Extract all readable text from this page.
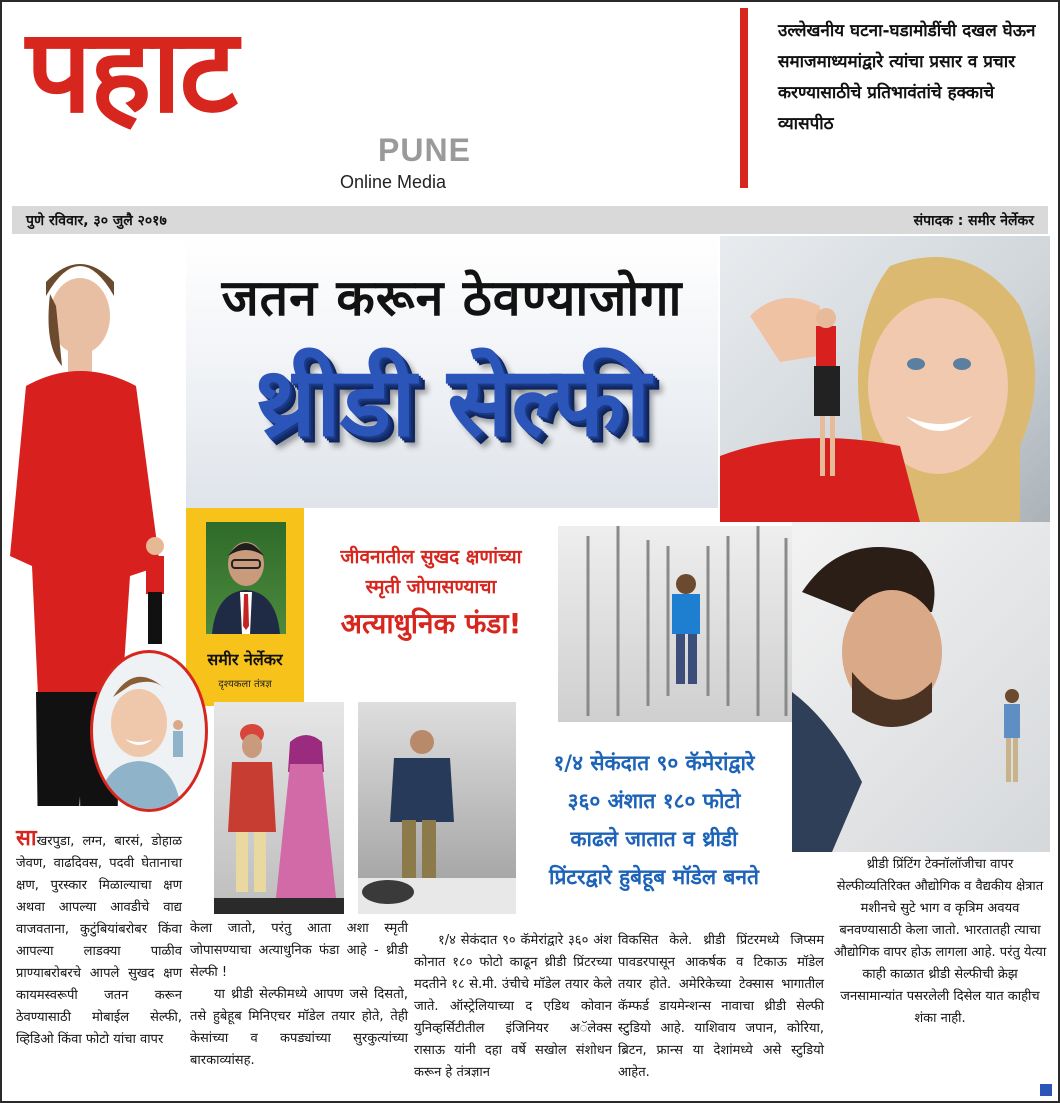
पहाट
PUNE
Online Media
उल्लेखनीय घटना-घडामोडींची दखल घेऊन समाजमाध्यमांद्वारे त्यांचा प्रसार व प्रचार करण्यासाठीचे प्रतिभावंतांचे हक्काचे व्यासपीठ
पुणे रविवार, ३० जुलै २०१७	संपादक : समीर नेर्लेकर
जतन करून ठेवण्याजोगा
थ्रीडी सेल्फी
समीर नेर्लेकर
दृश्यकला तंत्रज्ञ
जीवनातील सुखद क्षणांच्या
स्मृती जोपासण्याचा
अत्याधुनिक फंडा!
१/४ सेकंदात ९० कॅमेरांद्वारे
३६० अंशात १८० फोटो
काढले जातात व थ्रीडी
प्रिंटरद्वारे हुबेहूब मॉडेल बनते
साखरपुडा, लग्न, बारसं, डोहाळ जेवण, वाढदिवस, पदवी घेतानाचा क्षण, पुरस्कार मिळाल्याचा क्षण अथवा आपल्या आवडीचे वाद्य वाजवताना, कुटुंबियांबरोबर किंवा आपल्या लाडक्या पाळीव प्राण्याबरोबरचे आपले सुखद क्षण कायमस्वरूपी जतन करून ठेवण्यासाठी मोबाईल सेल्फी, व्हिडिओ किंवा फोटो यांचा वापर

केला जातो, परंतु आता अशा स्मृती जोपासण्याचा अत्याधुनिक फंडा आहे - थ्रीडी सेल्फी !

या थ्रीडी सेल्फीमध्ये आपण जसे दिसतो, तसे हुबेहूब मिनिएचर मॉडेल तयार होते, तेही केसांच्या व कपड्यांच्या सुरकुत्यांच्या बारकाव्यांसह.

१/४ सेकंदात ९० कॅमेरांद्वारे ३६० अंश कोनात १८० फोटो काढून थ्रीडी प्रिंटरच्या मदतीने १८ से.मी. उंचीचे मॉडेल तयार केले जाते. ऑस्ट्रेलियाच्या द एडिथ कोवान युनिव्हर्सिटीतील इंजिनियर अॅलेक्स रासाऊ यांनी दहा वर्षे सखोल संशोधन करून हे तंत्रज्ञान

विकसित केले. थ्रीडी प्रिंटरमध्ये जिप्सम पावडरपासून आकर्षक व टिकाऊ मॉडेल तयार होते. अमेरिकेच्या टेक्सास भागातील कॅम्फर्ड डायमेन्शन्स नावाचा थ्रीडी सेल्फी स्टुडियो आहे. याशिवाय जपान, कोरिया, ब्रिटन, फ्रान्स या देशांमध्ये असे स्टुडियो आहेत.

थ्रीडी प्रिंटिंग टेक्नॉलॉजीचा वापर सेल्फीव्यतिरिक्त औद्योगिक व वैद्यकीय क्षेत्रात मशीनचे सुटे भाग व कृत्रिम अवयव बनवण्यासाठी केला जातो. भारतातही त्याचा औद्योगिक वापर होऊ लागला आहे. परंतु येत्या काही काळात थ्रीडी सेल्फीची क्रेझ जनसामान्यांत पसरलेली दिसेल यात काहीच शंका नाही.
